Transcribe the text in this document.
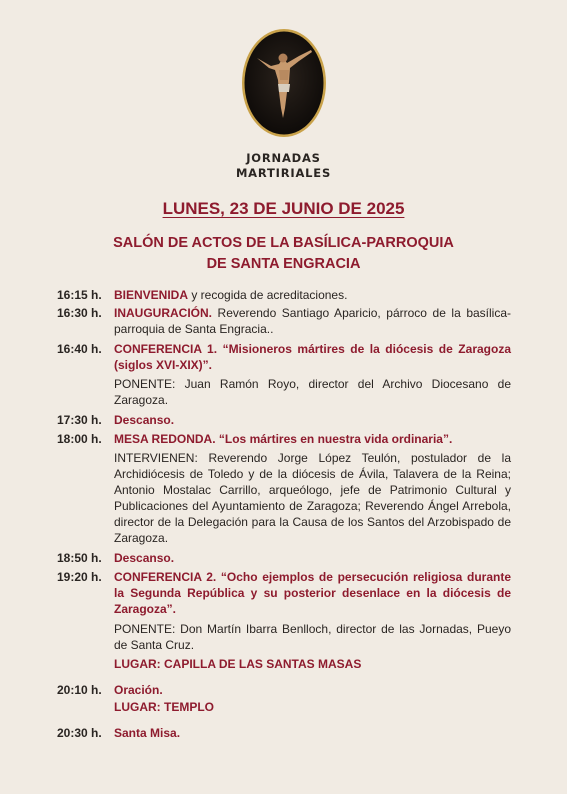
JORNADAS
MARTIRIALES
LUNES, 23 DE JUNIO DE 2025
SALÓN DE ACTOS DE LA BASÍLICA-PARROQUIA
DE SANTA ENGRACIA
16:15 h. BIENVENIDA y recogida de acreditaciones.
16:30 h. INAUGURACIÓN. Reverendo Santiago Aparicio, párroco de la basílica-parroquia de Santa Engracia..
16:40 h. CONFERENCIA 1. “Misioneros mártires de la diócesis de Zaragoza (siglos XVI-XIX)”.
PONENTE: Juan Ramón Royo, director del Archivo Diocesano de Zaragoza.
17:30 h. Descanso.
18:00 h. MESA REDONDA. “Los mártires en nuestra vida ordinaria”.
INTERVIENEN: Reverendo Jorge López Teulón, postulador de la Archidiócesis de Toledo y de la diócesis de Ávila, Talavera de la Reina; Antonio Mostalac Carrillo, arqueólogo, jefe de Patrimonio Cultural y Publicaciones del Ayuntamiento de Zaragoza; Reverendo Ángel Arrebola, director de la Delegación para la Causa de los Santos del Arzobispado de Zaragoza.
18:50 h. Descanso.
19:20 h. CONFERENCIA 2. “Ocho ejemplos de persecución religiosa durante la Segunda República y su posterior desenlace en la diócesis de Zaragoza”.
PONENTE: Don Martín Ibarra Benlloch, director de las Jornadas, Pueyo de Santa Cruz.
LUGAR: CAPILLA DE LAS SANTAS MASAS
20:10 h. Oración.
LUGAR: TEMPLO
20:30 h. Santa Misa.
